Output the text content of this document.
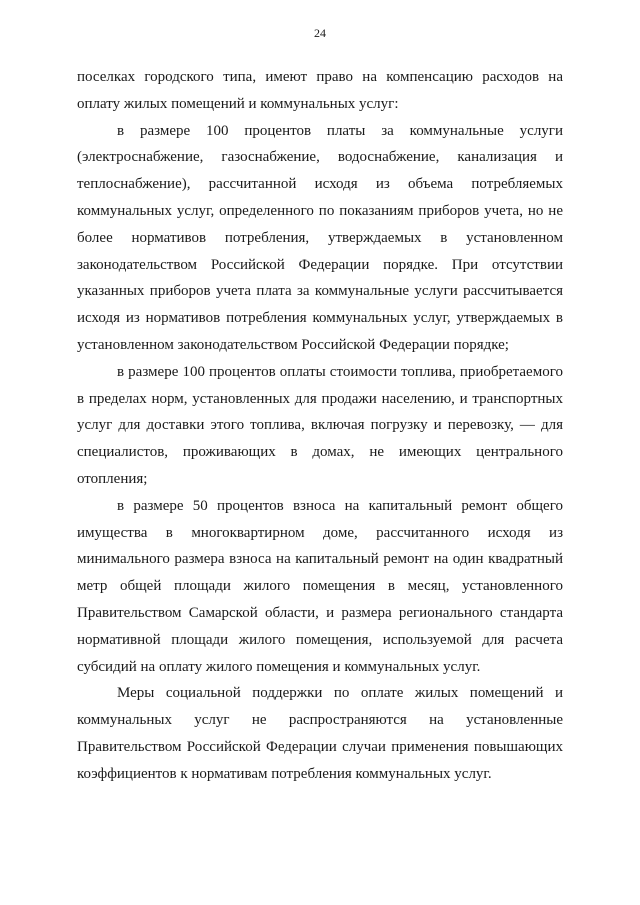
24

поселках городского типа, имеют право на компенсацию расходов на оплату жилых помещений и коммунальных услуг:

в размере 100 процентов платы за коммунальные услуги (электроснабжение, газоснабжение, водоснабжение, канализация и теплоснабжение), рассчитанной исходя из объема потребляемых коммунальных услуг, определенного по показаниям приборов учета, но не более нормативов потребления, утверждаемых в установленном законодательством Российской Федерации порядке. При отсутствии указанных приборов учета плата за коммунальные услуги рассчитывается исходя из нормативов потребления коммунальных услуг, утверждаемых в установленном законодательством Российской Федерации порядке;

в размере 100 процентов оплаты стоимости топлива, приобретаемого в пределах норм, установленных для продажи населению, и транспортных услуг для доставки этого топлива, включая погрузку и перевозку, — для специалистов, проживающих в домах, не имеющих центрального отопления;

в размере 50 процентов взноса на капитальный ремонт общего имущества в многоквартирном доме, рассчитанного исходя из минимального размера взноса на капитальный ремонт на один квадратный метр общей площади жилого помещения в месяц, установленного Правительством Самарской области, и размера регионального стандарта нормативной площади жилого помещения, используемой для расчета субсидий на оплату жилого помещения и коммунальных услуг.

Меры социальной поддержки по оплате жилых помещений и коммунальных услуг не распространяются на установленные Правительством Российской Федерации случаи применения повышающих коэффициентов к нормативам потребления коммунальных услуг.
